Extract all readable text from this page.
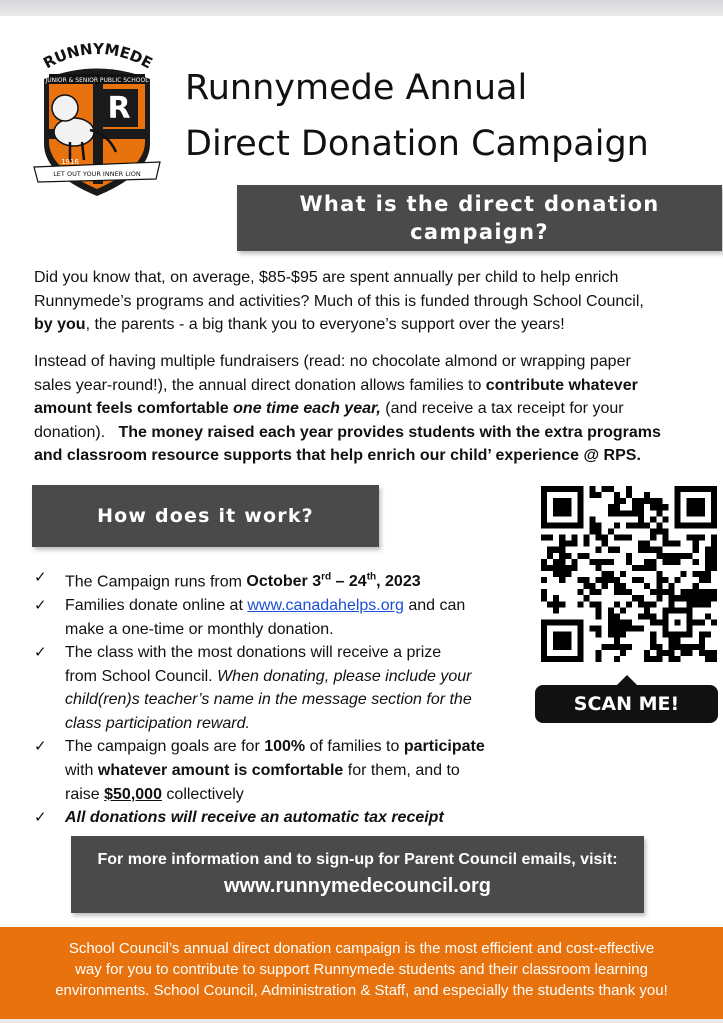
RUNNYMEDE
JUNIOR & SENIOR PUBLIC SCHOOL
R
1916
LET OUT YOUR INNER LION
Runnymede Annual
Direct Donation Campaign
What is the direct donation
campaign?
Did you know that, on average, $85-$95 are spent annually per child to help enrich
Runnymede’s programs and activities? Much of this is funded through School Council,
by you, the parents - a big thank you to everyone’s support over the years!
Instead of having multiple fundraisers (read: no chocolate almond or wrapping paper
sales year-round!), the annual direct donation allows families to contribute whatever
amount feels comfortable one time each year, (and receive a tax receipt for your
donation).   The money raised each year provides students with the extra programs
and classroom resource supports that help enrich our child’ experience @ RPS.
How does it work?
✓ The Campaign runs from October 3rd – 24th, 2023
✓ Families donate online at www.canadahelps.org and can
make a one-time or monthly donation.
✓ The class with the most donations will receive a prize
from School Council. When donating, please include your
child(ren)s teacher’s name in the message section for the
class participation reward.
✓ The campaign goals are for 100% of families to participate
with whatever amount is comfortable for them, and to
raise $50,000 collectively
✓ All donations will receive an automatic tax receipt
SCAN ME!
For more information and to sign-up for Parent Council emails, visit:
www.runnymedecouncil.org
School Council’s annual direct donation campaign is the most efficient and cost-effective
way for you to contribute to support Runnymede students and their classroom learning
environments. School Council, Administration & Staff, and especially the students thank you!
